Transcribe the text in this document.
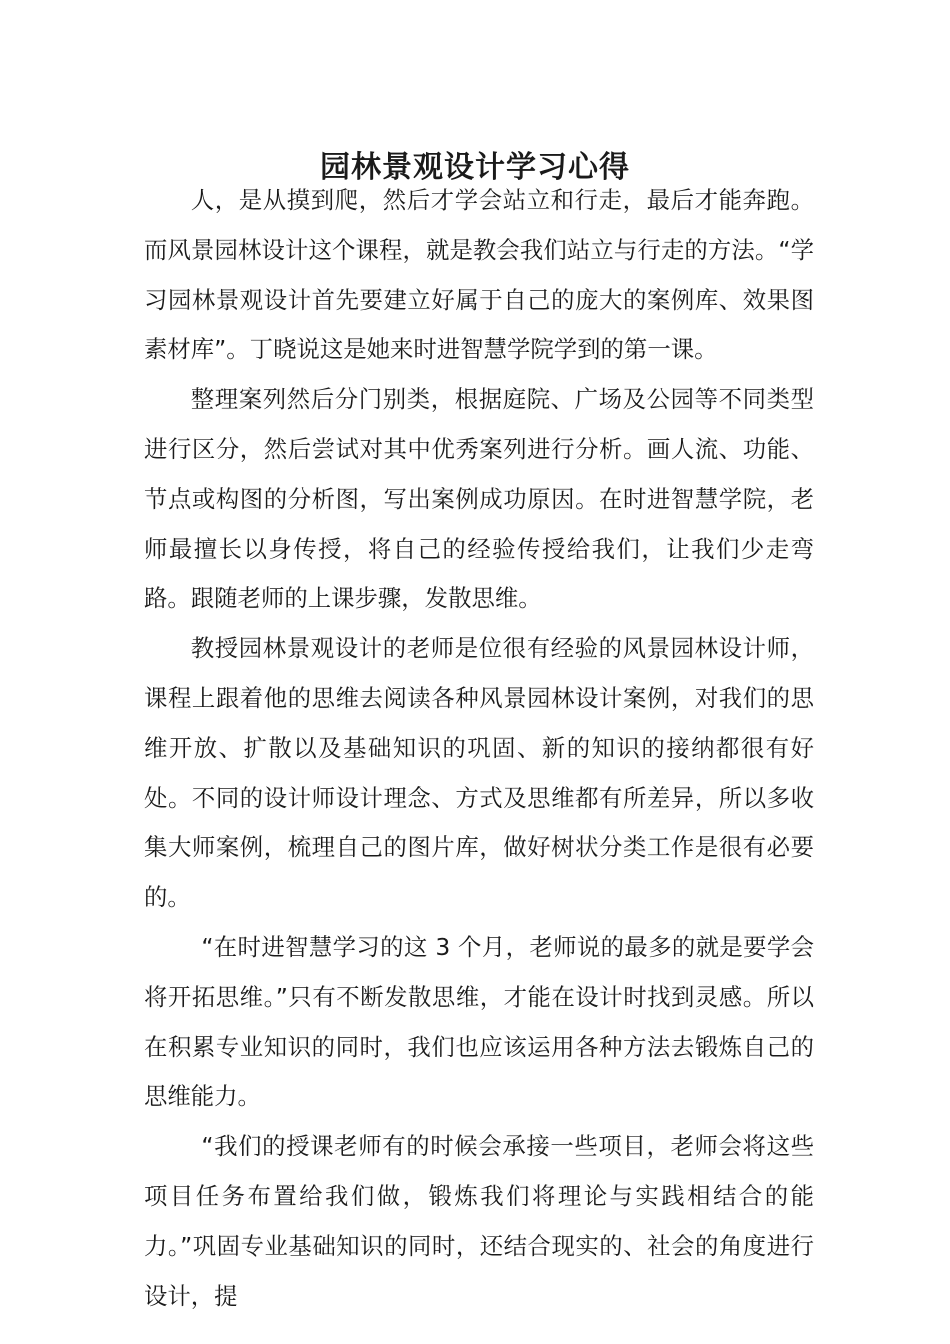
园林景观设计学习心得

人，是从摸到爬，然后才学会站立和行走，最后才能奔跑。而风景园林设计这个课程，就是教会我们站立与行走的方法。“学习园林景观设计首先要建立好属于自己的庞大的案例库、效果图素材库”。丁晓说这是她来时进智慧学院学到的第一课。

整理案列然后分门别类，根据庭院、广场及公园等不同类型进行区分，然后尝试对其中优秀案列进行分析。画人流、功能、节点或构图的分析图，写出案例成功原因。在时进智慧学院，老师最擅长以身传授，将自己的经验传授给我们，让我们少走弯路。跟随老师的上课步骤，发散思维。

教授园林景观设计的老师是位很有经验的风景园林设计师，课程上跟着他的思维去阅读各种风景园林设计案例，对我们的思维开放、扩散以及基础知识的巩固、新的知识的接纳都很有好处。不同的设计师设计理念、方式及思维都有所差异，所以多收集大师案例，梳理自己的图片库，做好树状分类工作是很有必要的。

“在时进智慧学习的这 3 个月，老师说的最多的就是要学会将开拓思维。”只有不断发散思维，才能在设计时找到灵感。所以在积累专业知识的同时，我们也应该运用各种方法去锻炼自己的思维能力。

“我们的授课老师有的时候会承接一些项目，老师会将这些项目任务布置给我们做，锻炼我们将理论与实践相结合的能力。”巩固专业基础知识的同时，还结合现实的、社会的角度进行设计，提
